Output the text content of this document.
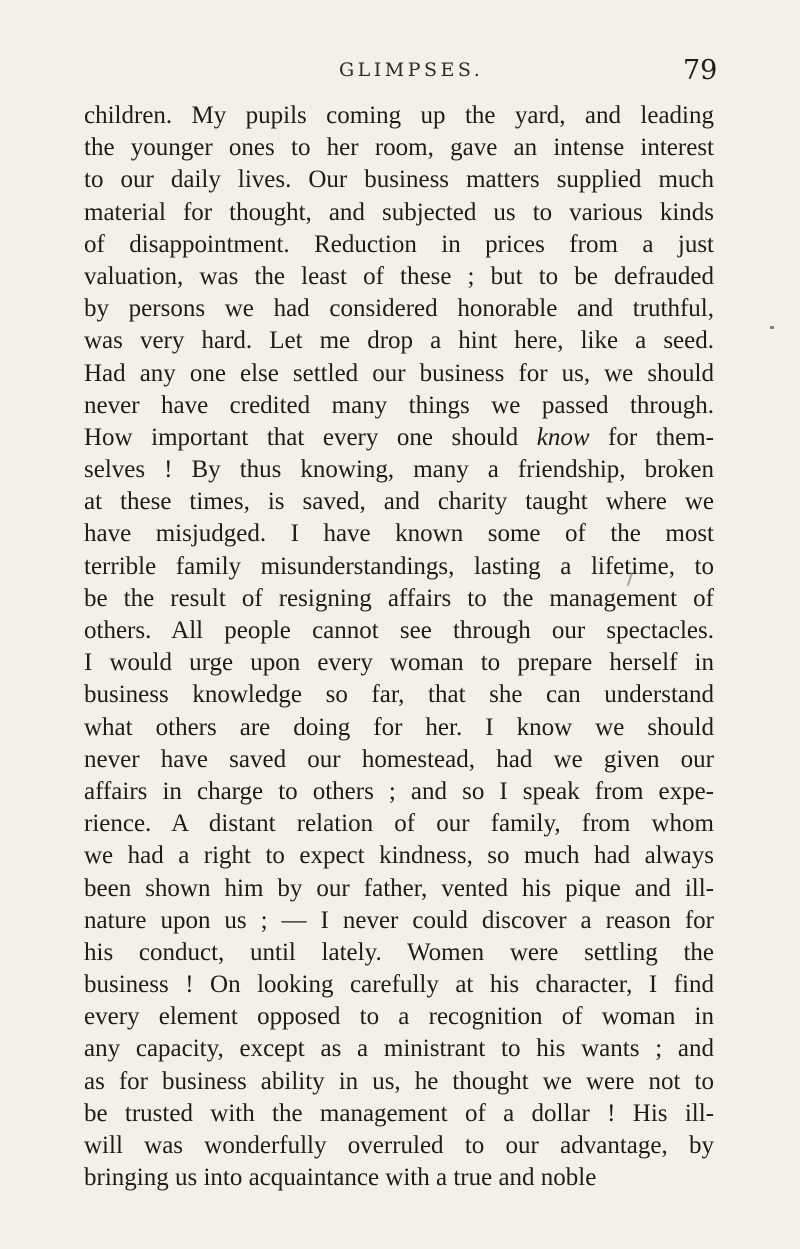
GLIMPSES.	79
children. My pupils coming up the yard, and leading
the younger ones to her room, gave an intense interest
to our daily lives. Our business matters supplied much
material for thought, and subjected us to various kinds
of disappointment. Reduction in prices from a just
valuation, was the least of these ; but to be defrauded
by persons we had considered honorable and truthful,
was very hard. Let me drop a hint here, like a seed.
Had any one else settled our business for us, we should
never have credited many things we passed through.
How important that every one should know for them-
selves ! By thus knowing, many a friendship, broken
at these times, is saved, and charity taught where we
have misjudged. I have known some of the most
terrible family misunderstandings, lasting a lifetime, to
be the result of resigning affairs to the management of
others. All people cannot see through our spectacles.
I would urge upon every woman to prepare herself in
business knowledge so far, that she can understand
what others are doing for her. I know we should
never have saved our homestead, had we given our
affairs in charge to others ; and so I speak from expe-
rience. A distant relation of our family, from whom
we had a right to expect kindness, so much had always
been shown him by our father, vented his pique and ill-
nature upon us ; — I never could discover a reason for
his conduct, until lately. Women were settling the
business ! On looking carefully at his character, I find
every element opposed to a recognition of woman in
any capacity, except as a ministrant to his wants ; and
as for business ability in us, he thought we were not to
be trusted with the management of a dollar ! His ill-
will was wonderfully overruled to our advantage, by
bringing us into acquaintance with a true and noble
